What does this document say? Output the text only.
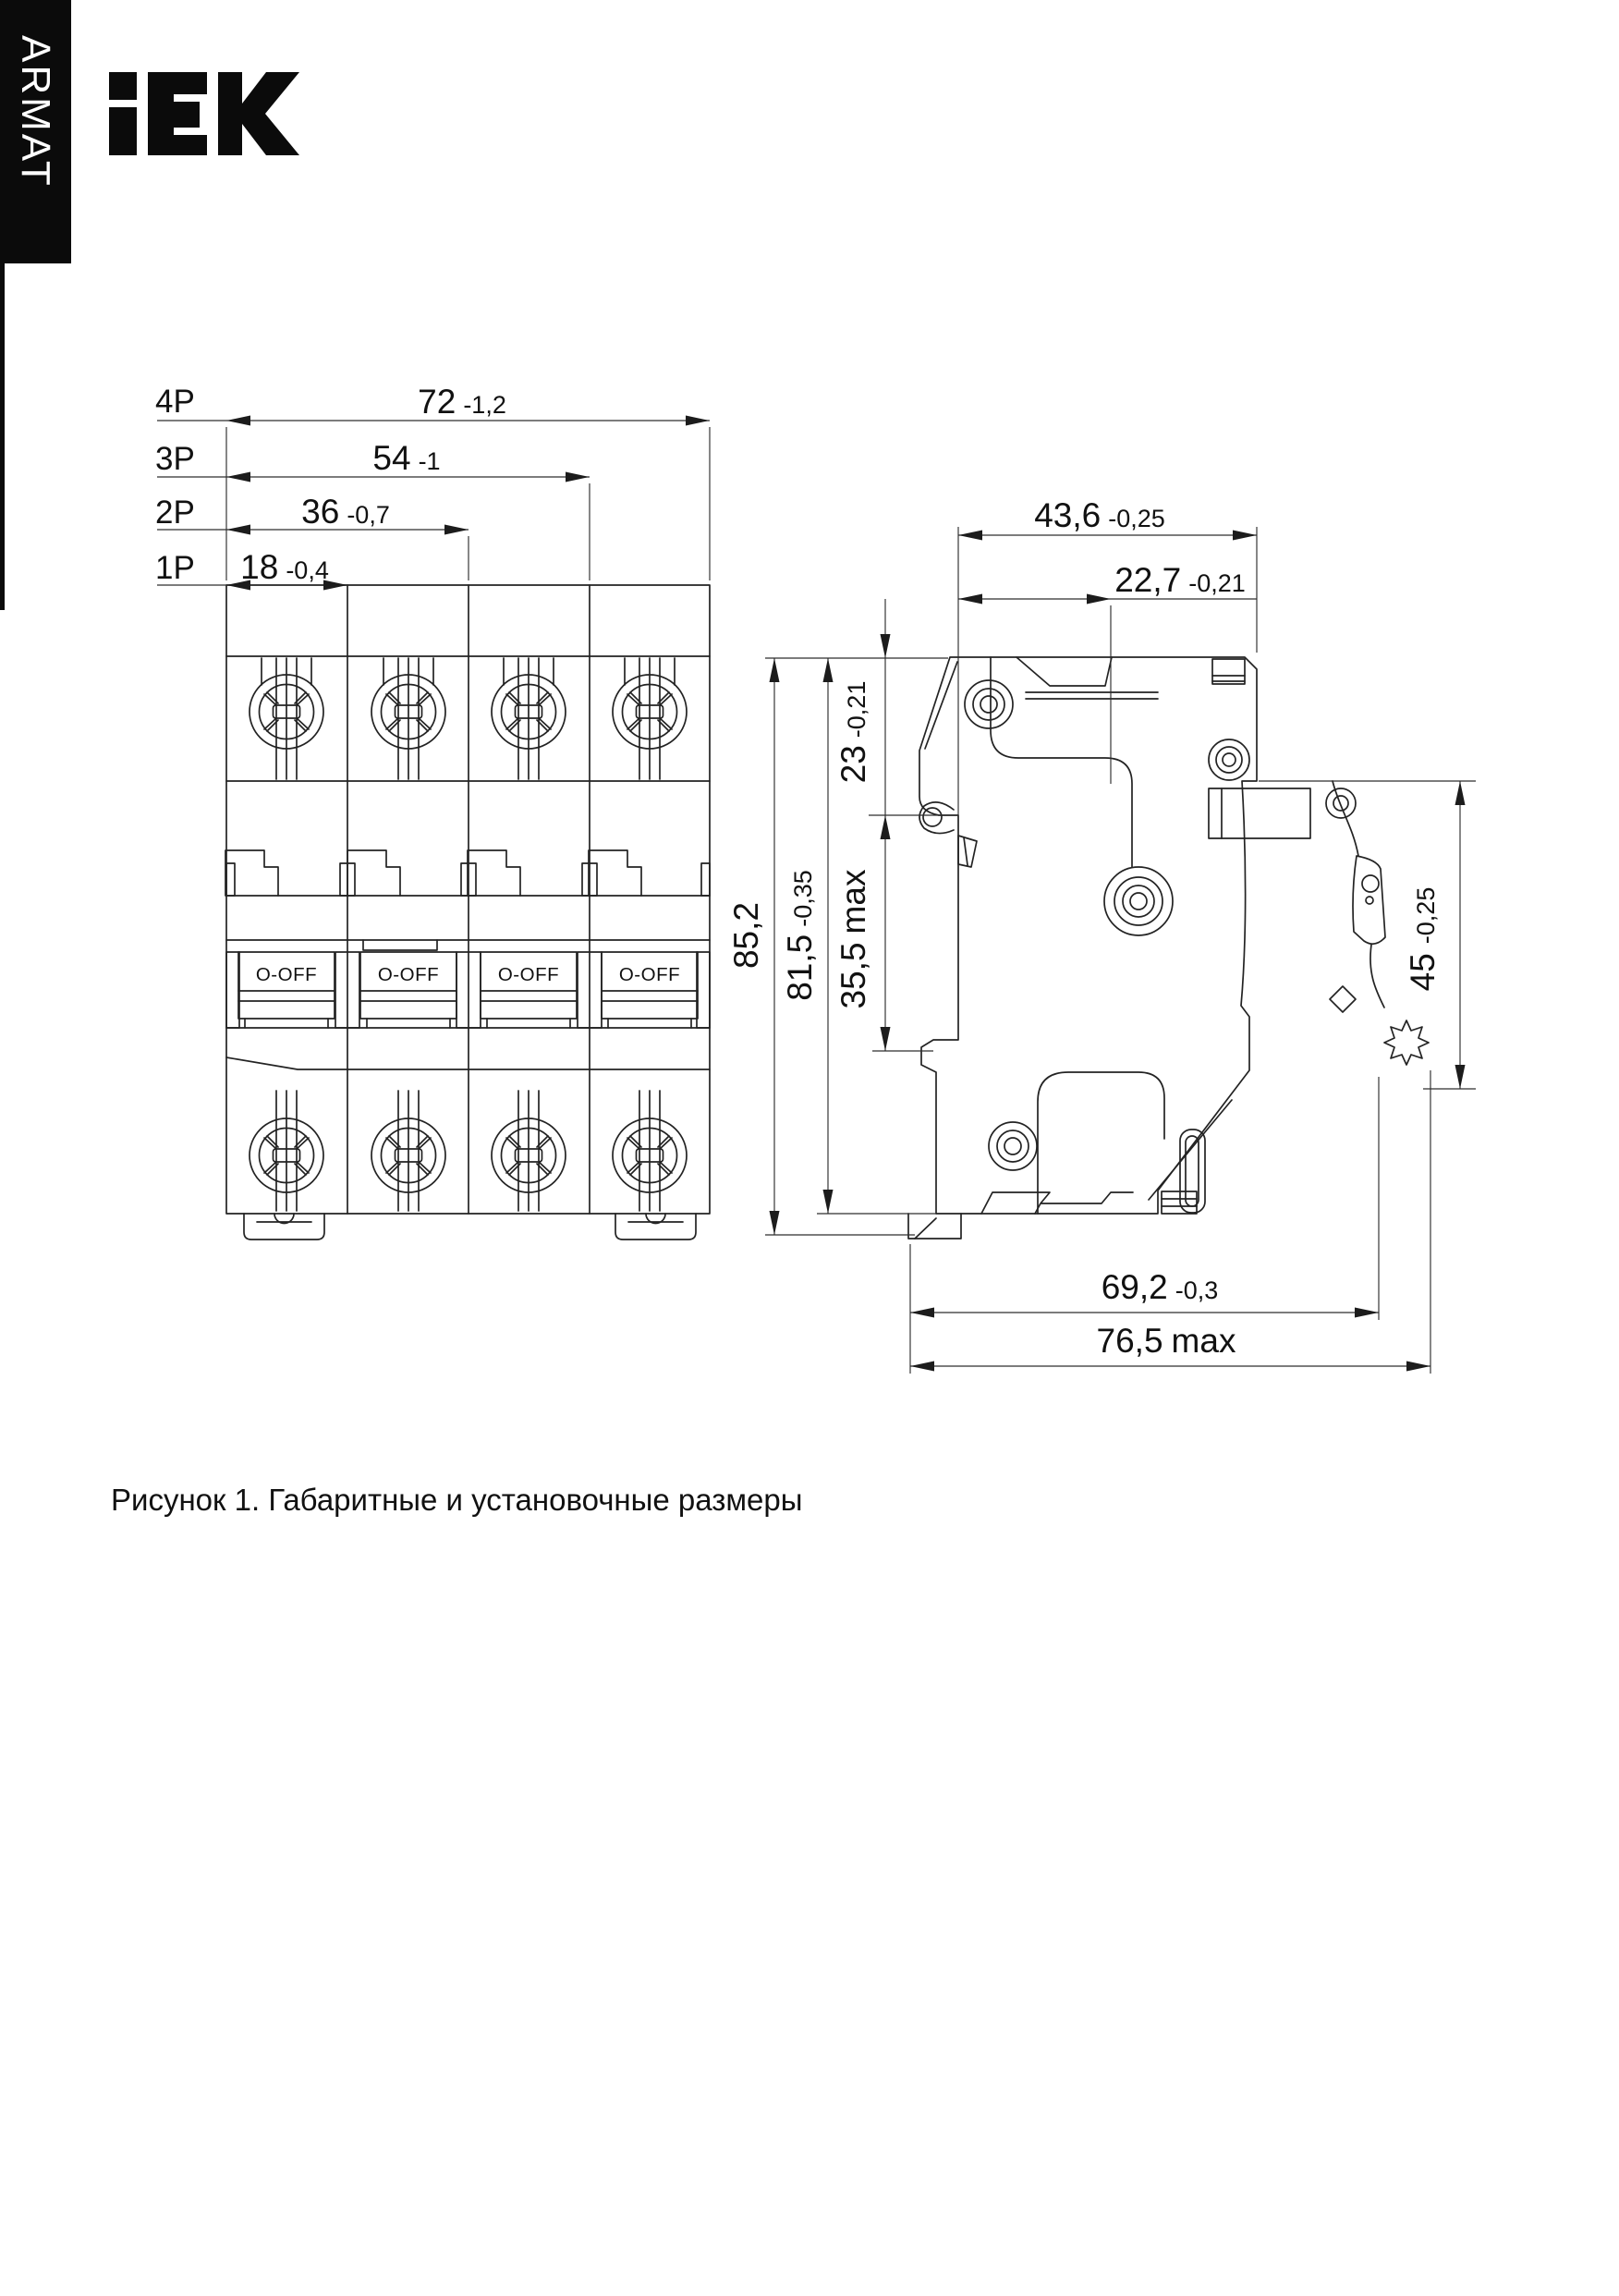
ARMAT
O-OFF	O-OFF	O-OFF	O-OFF
4P
3P
2P
1P
72 -1,2
54 -1
36 -0,7
18 -0,4
43,6 -0,25
22,7 -0,21
85,2 81,5-0,35
23-0,21
35,5max
45-0,25
69,2 -0,3
76,5 max
Рисунок 1. Габаритные и установочные размеры
